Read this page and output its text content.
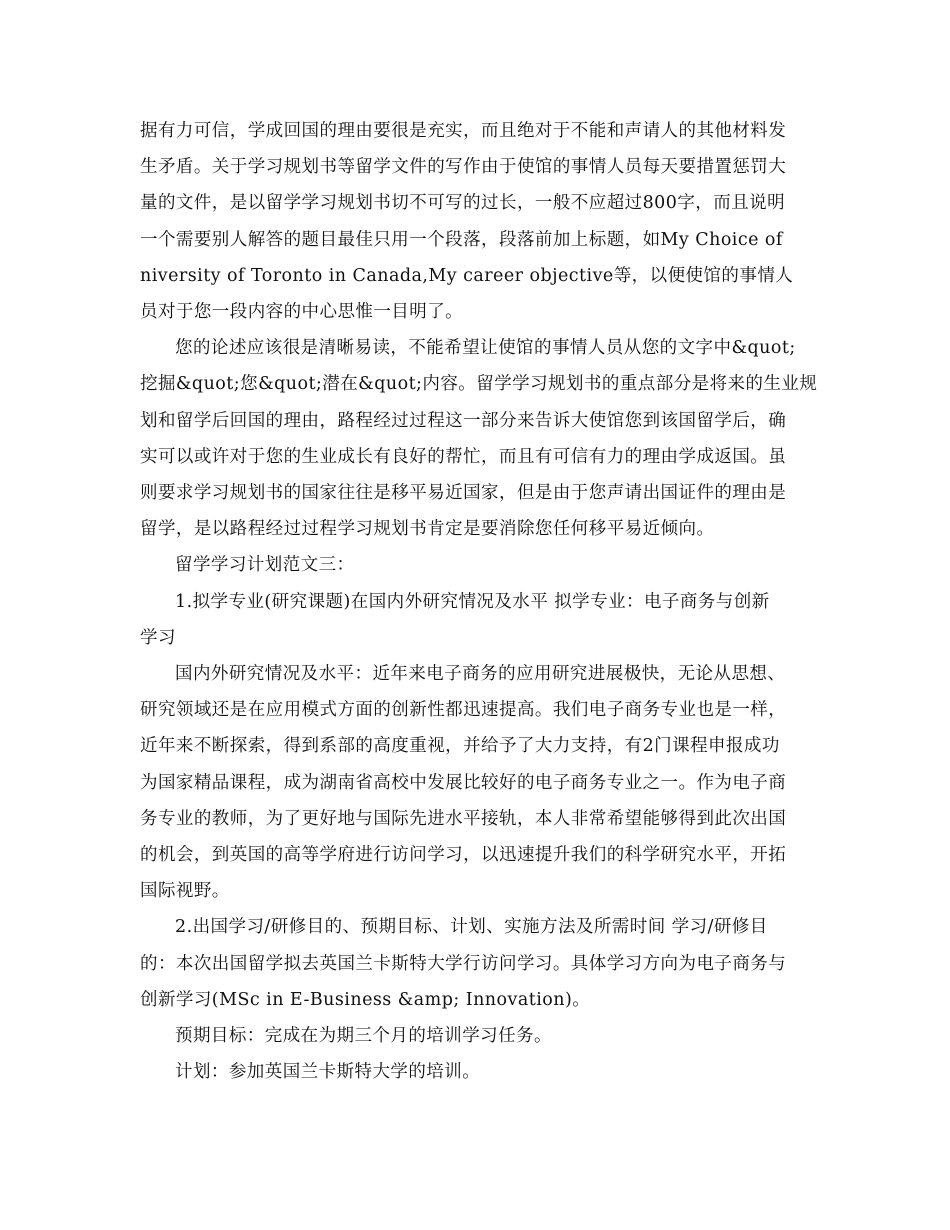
据有力可信，学成回国的理由要很是充实，而且绝对于不能和声请人的其他材料发
生矛盾。关于学习规划书等留学文件的写作由于使馆的事情人员每天要措置惩罚大
量的文件，是以留学学习规划书切不可写的过长，一般不应超过800字，而且说明
一个需要别人解答的题目最佳只用一个段落，段落前加上标题，如My Choice of
niversity of Toronto in Canada,My career objective等，以便使馆的事情人
员对于您一段内容的中心思惟一目明了。

您的论述应该很是清晰易读，不能希望让使馆的事情人员从您的文字中&quot;
挖掘&quot;您&quot;潜在&quot;内容。留学学习规划书的重点部分是将来的生业规
划和留学后回国的理由，路程经过过程这一部分来告诉大使馆您到该国留学后，确
实可以或许对于您的生业成长有良好的帮忙，而且有可信有力的理由学成返国。虽
则要求学习规划书的国家往往是移平易近国家，但是由于您声请出国证件的理由是
留学，是以路程经过过程学习规划书肯定是要消除您任何移平易近倾向。

留学学习计划范文三：

1.拟学专业(研究课题)在国内外研究情况及水平 拟学专业：电子商务与创新
学习

国内外研究情况及水平：近年来电子商务的应用研究进展极快，无论从思想、
研究领域还是在应用模式方面的创新性都迅速提高。我们电子商务专业也是一样，
近年来不断探索，得到系部的高度重视，并给予了大力支持，有2门课程申报成功
为国家精品课程，成为湖南省高校中发展比较好的电子商务专业之一。作为电子商
务专业的教师，为了更好地与国际先进水平接轨，本人非常希望能够得到此次出国
的机会，到英国的高等学府进行访问学习，以迅速提升我们的科学研究水平，开拓
国际视野。

2.出国学习/研修目的、预期目标、计划、实施方法及所需时间 学习/研修目
的：本次出国留学拟去英国兰卡斯特大学行访问学习。具体学习方向为电子商务与
创新学习(MSc in E-Business &amp; Innovation)。

预期目标：完成在为期三个月的培训学习任务。

计划：参加英国兰卡斯特大学的培训。
